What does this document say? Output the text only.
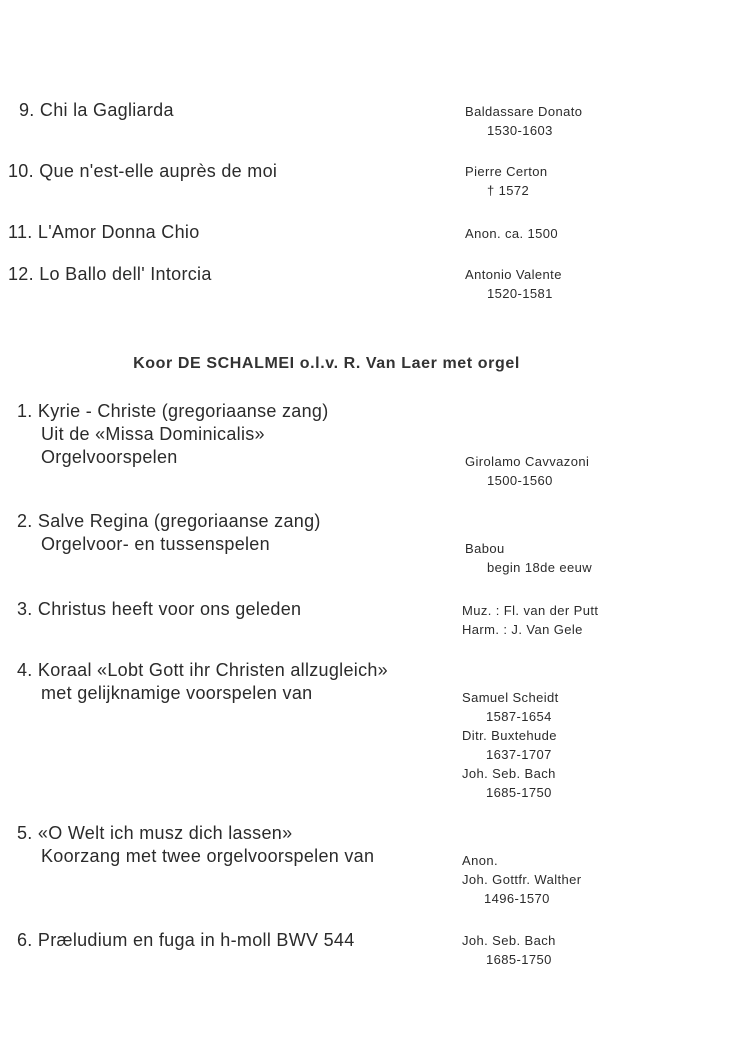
9. Chi la Gagliarda	Baldassare Donato
1530-1603
10. Que n'est-elle auprès de moi	Pierre Certon
† 1572
11. L'Amor Donna Chio	Anon. ca. 1500
12. Lo Ballo dell' Intorcia	Antonio Valente
1520-1581
Koor DE SCHALMEI o.l.v. R. Van Laer met orgel
1. Kyrie - Christe (gregoriaanse zang)
Uit de «Missa Dominicalis»
Orgelvoorspelen	Girolamo Cavvazoni
1500-1560
2. Salve Regina (gregoriaanse zang)
Orgelvoor- en tussenspelen	Babou
begin 18de eeuw
3. Christus heeft voor ons geleden	Muz. : Fl. van der Putt
Harm. : J. Van Gele
4. Koraal «Lobt Gott ihr Christen allzugleich»
met gelijknamige voorspelen van	Samuel Scheidt
1587-1654
Ditr. Buxtehude
1637-1707
Joh. Seb. Bach
1685-1750
5. «O Welt ich musz dich lassen»
Koorzang met twee orgelvoorspelen van	Anon.
Joh. Gottfr. Walther
1496-1570
6. Præludium en fuga in h-moll BWV 544	Joh. Seb. Bach
1685-1750
